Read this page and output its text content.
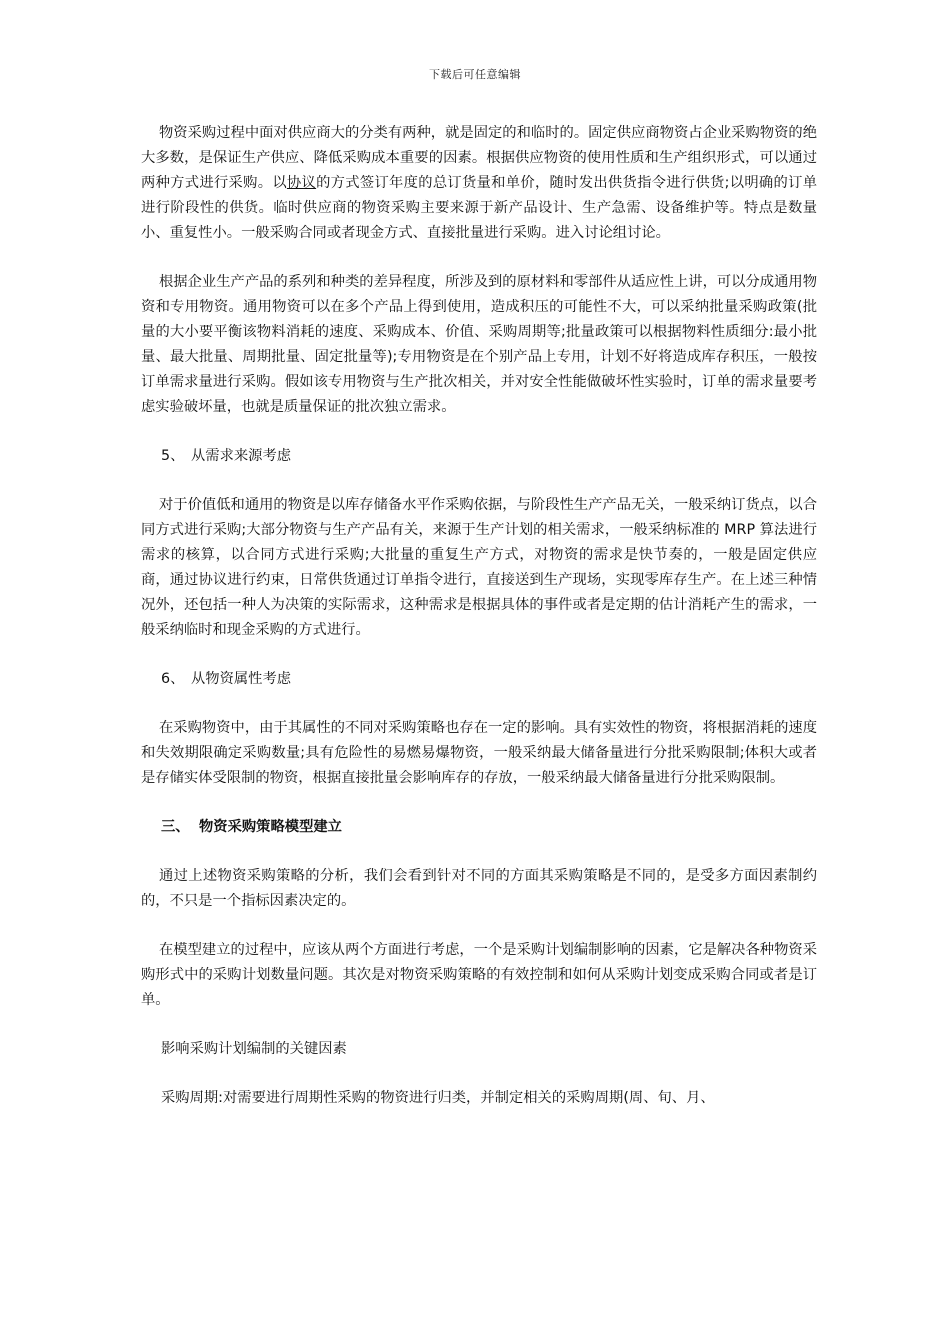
下载后可任意编辑

物资采购过程中面对供应商大的分类有两种，就是固定的和临时的。固定供应商物资占企业采购物资的绝大多数，是保证生产供应、降低采购成本重要的因素。根据供应物资的使用性质和生产组织形式，可以通过两种方式进行采购。以协议的方式签订年度的总订货量和单价，随时发出供货指令进行供货;以明确的订单进行阶段性的供货。临时供应商的物资采购主要来源于新产品设计、生产急需、设备维护等。特点是数量小、重复性小。一般采购合同或者现金方式、直接批量进行采购。进入讨论组讨论。

根据企业生产产品的系列和种类的差异程度，所涉及到的原材料和零部件从适应性上讲，可以分成通用物资和专用物资。通用物资可以在多个产品上得到使用，造成积压的可能性不大，可以采纳批量采购政策(批量的大小要平衡该物料消耗的速度、采购成本、价值、采购周期等;批量政策可以根据物料性质细分:最小批量、最大批量、周期批量、固定批量等);专用物资是在个别产品上专用，计划不好将造成库存积压，一般按订单需求量进行采购。假如该专用物资与生产批次相关，并对安全性能做破坏性实验时，订单的需求量要考虑实验破坏量，也就是质量保证的批次独立需求。

5、 从需求来源考虑

对于价值低和通用的物资是以库存储备水平作采购依据，与阶段性生产产品无关，一般采纳订货点，以合同方式进行采购;大部分物资与生产产品有关，来源于生产计划的相关需求，一般采纳标准的 MRP 算法进行需求的核算，以合同方式进行采购;大批量的重复生产方式，对物资的需求是快节奏的，一般是固定供应商，通过协议进行约束，日常供货通过订单指令进行，直接送到生产现场，实现零库存生产。在上述三种情况外，还包括一种人为决策的实际需求，这种需求是根据具体的事件或者是定期的估计消耗产生的需求，一般采纳临时和现金采购的方式进行。

6、 从物资属性考虑

在采购物资中，由于其属性的不同对采购策略也存在一定的影响。具有实效性的物资，将根据消耗的速度和失效期限确定采购数量;具有危险性的易燃易爆物资，一般采纳最大储备量进行分批采购限制;体积大或者是存储实体受限制的物资，根据直接批量会影响库存的存放，一般采纳最大储备量进行分批采购限制。

三、 物资采购策略模型建立

通过上述物资采购策略的分析，我们会看到针对不同的方面其采购策略是不同的，是受多方面因素制约的，不只是一个指标因素决定的。

在模型建立的过程中，应该从两个方面进行考虑，一个是采购计划编制影响的因素，它是解决各种物资采购形式中的采购计划数量问题。其次是对物资采购策略的有效控制和如何从采购计划变成采购合同或者是订单。

影响采购计划编制的关键因素
采购周期:对需要进行周期性采购的物资进行归类，并制定相关的采购周期(周、旬、月、
